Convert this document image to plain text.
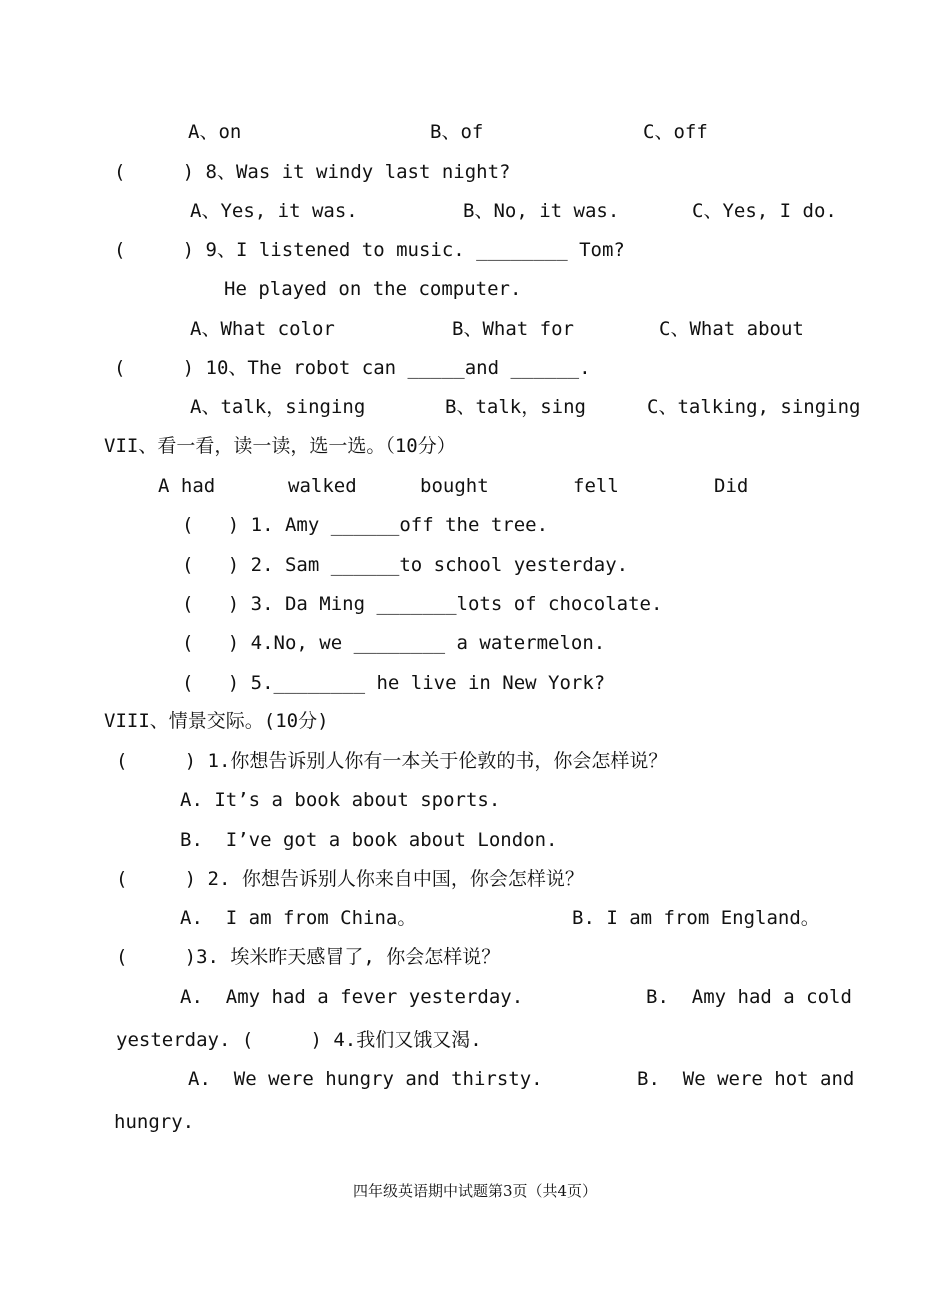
A、on	B、of	C、off
(     ) 8、Was it windy last night?
A、Yes, it was.	B、No, it was.	C、Yes, I do.
(     ) 9、I listened to music. ________ Tom?
He played on the computer.
A、What color	B、What for	C、What about
(     ) 10、The robot can _____and ______.
A、talk，singing	B、talk，sing	C、talking, singing
VII、看一看，读一读，选一选。（10分）
A had	walked	bought	fell	Did
(   ) 1. Amy ______off the tree.
(   ) 2. Sam ______to school yesterday.
(   ) 3. Da Ming _______lots of chocolate.
(   ) 4.No, we ________ a watermelon.
(   ) 5.________ he live in New York?
VIII、情景交际。(10分)
(     ) 1.你想告诉别人你有一本关于伦敦的书，你会怎样说？
A. It’s a book about sports.
B.  I’ve got a book about London.
(     ) 2. 你想告诉别人你来自中国，你会怎样说？
A.  I am from China。	B. I am from England。
(     )3. 埃米昨天感冒了, 你会怎样说？
A.  Amy had a fever yesterday.	B.  Amy had a cold
yesterday. (     ) 4.我们又饿又渴.
A.  We were hungry and thirsty.	B.  We were hot and
hungry.
四年级英语期中试题第3页（共4页）
